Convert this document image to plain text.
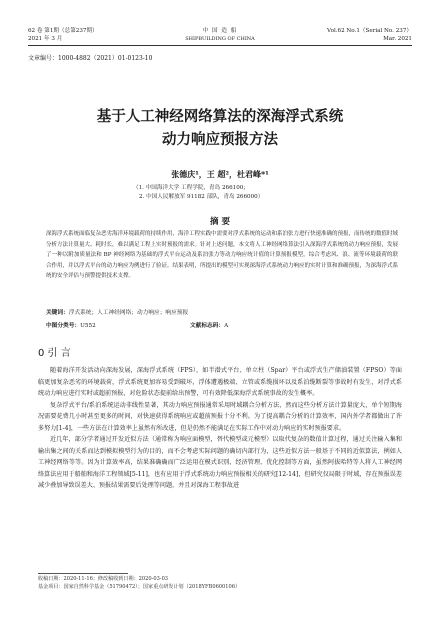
62 卷 第1期（总第237期）
2021 年 3 月
中 国 造 船
SHIPBUILDING OF CHINA
Vol.62 No.1（Serial No. 237）
Mar. 2021
文章编号：1000-4882（2021）01-0123-10
基于人工神经网络算法的深海浮式系统
动力响应预报方法
张德庆¹，王 超²，杜君峰*¹
（1. 中国海洋大学 工程学院，青岛 266100；
2. 中国人民解放军 91182 部队，青岛 266000）
摘 要
深海浮式系统面临复杂恶劣海洋环境载荷的持续作用，海洋工程实践中需要对浮式系统的运动和系泊张力进行快速准确的预报，而传统的数值时域分析方法计算量大、耗时长，难以满足工程上实时预报的需求。针对上述问题，本文将人工神经网络算法引入深海浮式系统的动力响应预报，发展了一种以附加质量法和 BP 神经网络为基础的浮式平台运动及系泊张力等动力响应统计值的计算预报模型，综合考虑风、浪、流等环境载荷的联合作用，并以浮式平台的动力响应为例进行了验证。结果表明，所提出的模型可实现深海浮式系统动力响应的实时计算和准确预报，为深海浮式系统的安全评估与预警提供技术支撑。
关键词：浮式系统；人工神经网络；动力响应；响应预报
中图分类号：U552	文献标志码：A
0 引 言

随着海洋开发活动向深海发展，深海浮式系统（FPS），如半潜式平台、单立柱（Spar）平台或浮式生产储油装置（FPSO）等面临更加复杂恶劣的环境载荷，浮式系统更加容易受到破坏，浮体遭遇极端、立管或系缆损坏以及系泊缆断裂等事故时有发生，对浮式系统动力响应进行实时或超前预报，对危险状态提前给出预警，可有效降低深海浮式系统事故的发生概率。

复杂浮式平台/系泊系统运动非线性显著，其动力响应预报通常采用时域耦合分析方法，然而这些分析方法计算量庞大，单个短期海况需要花费几小时甚至更多的时间，对快速获得系统响应或超前预报十分不利。为了提高耦合分析的计算效率，国内外学者都做出了许多努力[1-4]，一些方法在计算效率上虽然有所改进，但是仍然不能满足在实际工作中对动力响应的实时预报要求。

近几年，部分学者通过开发近似方法（通常称为响应面模型，替代模型或元模型）以取代复杂的数值计算过程，通过关注输入集和输出集之间的关系而达到模拟模型行为的目的，而不会考虑实际问题的确切内部行为，这些近似方法一般基于不同的近似算法，例如人工神经网络等等。因为计算效率高，结果准确确而广泛运用在模式识别、经济管理、优化控制等方面，虽然阿拔哈特等人将人工神经网络算法应用于船舶和海洋工程领域[5-11]，也有应用于浮式系统动力响应预报相关的研究[12-14]，但研究仅局限于时域，存在预报误差减少叠加导致误差大、预报结果需要后处理等问题，并且对深海工程事故进

收稿日期：2020-11-16；修改稿收到日期：2020-03-03
基金项目：国家自然科学基金（51790472）；国家重点研发计划（2018YFB0600106）
